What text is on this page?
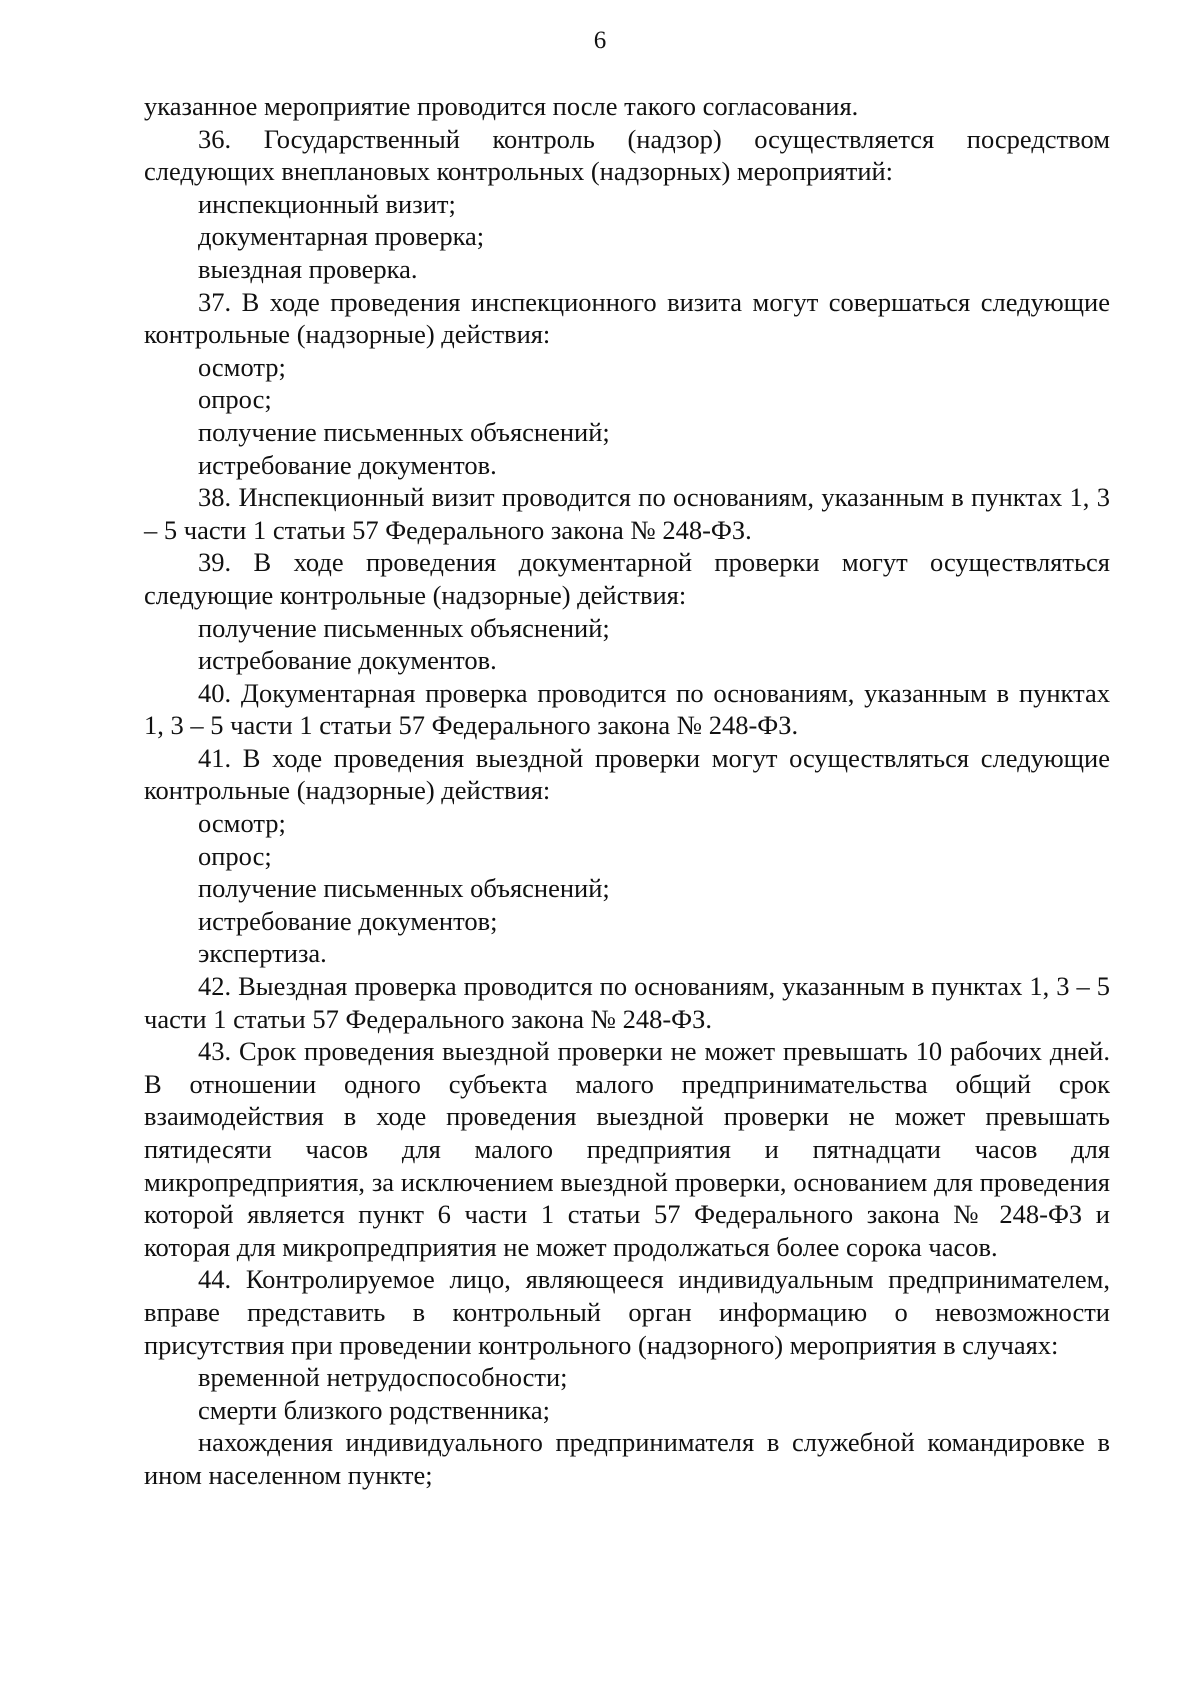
6

указанное мероприятие проводится после такого согласования.

36. Государственный контроль (надзор) осуществляется посредством следующих внеплановых контрольных (надзорных) мероприятий:

инспекционный визит;

документарная проверка;

выездная проверка.

37. В ходе проведения инспекционного визита могут совершаться следующие контрольные (надзорные) действия:

осмотр;

опрос;

получение письменных объяснений;

истребование документов.

38. Инспекционный визит проводится по основаниям, указанным в пунктах 1, 3 – 5 части 1 статьи 57 Федерального закона № 248-ФЗ.

39. В ходе проведения документарной проверки могут осуществляться следующие контрольные (надзорные) действия:

получение письменных объяснений;

истребование документов.

40. Документарная проверка проводится по основаниям, указанным в пунктах 1, 3 – 5 части 1 статьи 57 Федерального закона № 248-ФЗ.

41. В ходе проведения выездной проверки могут осуществляться следующие контрольные (надзорные) действия:

осмотр;

опрос;

получение письменных объяснений;

истребование документов;

экспертиза.

42. Выездная проверка проводится по основаниям, указанным в пунктах 1, 3 – 5 части 1 статьи 57 Федерального закона № 248-ФЗ.

43. Срок проведения выездной проверки не может превышать 10 рабочих дней. В отношении одного субъекта малого предпринимательства общий срок взаимодействия в ходе проведения выездной проверки не может превышать пятидесяти часов для малого предприятия и пятнадцати часов для микропредприятия, за исключением выездной проверки, основанием для проведения которой является пункт 6 части 1 статьи 57 Федерального закона № 248-ФЗ и которая для микропредприятия не может продолжаться более сорока часов.

44. Контролируемое лицо, являющееся индивидуальным предпринимателем, вправе представить в контрольный орган информацию о невозможности присутствия при проведении контрольного (надзорного) мероприятия в случаях:

временной нетрудоспособности;

смерти близкого родственника;

нахождения индивидуального предпринимателя в служебной командировке в ином населенном пункте;
